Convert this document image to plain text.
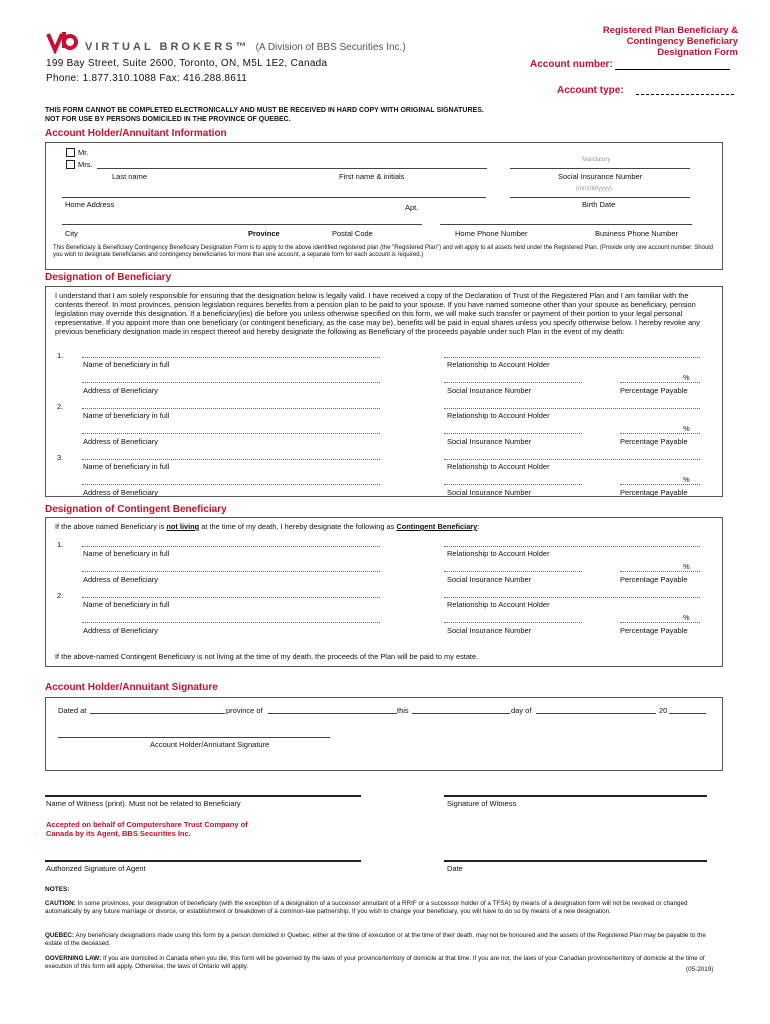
VIRTUAL BROKERS™ (A Division of BBS Securities Inc.)
199 Bay Street, Suite 2600, Toronto, ON, M5L 1E2, Canada
Phone: 1.877.310.1088 Fax: 416.288.8611
Registered Plan Beneficiary &
Contingency Beneficiary
Designation Form
Account number:
Account type:
THIS FORM CANNOT BE COMPLETED ELECTRONICALLY AND MUST BE RECEIVED IN HARD COPY WITH ORIGINAL SIGNATURES.
NOT FOR USE BY PERSONS DOMICILED IN THE PROVINCE OF QUEBEC.
Account Holder/Annuitant Information
Mr.
Mrs.	Mandatory
Last name	First name & initials	Social Insurance Number
(mm/dd/yyyy)
Home Address	Birth Date
Apt.
City	Province	Postal Code	Home Phone Number	Business Phone Number
This Beneficiary & Beneficiary Contingency Beneficiary Designation Form is to apply to the above identified registered plan (the "Registered Plan") and will apply to all assets held under the Registered Plan. (Provide only one account number. Should you wish to designate beneficiaries and contingency beneficiaries for more than one account, a separate form for each account is required.)
Designation of Beneficiary
I understand that I am solely responsible for ensuring that the designation below is legally valid. I have received a copy of the Declaration of Trust of the Registered Plan and I am familiar with the contents thereof. In most provinces, pension legislation requires benefits from a pension plan to be paid to your spouse. If you have named someone other than your spouse as beneficiary, pension legislation may override this designation. If a beneficiary(ies) die before you unless otherwise specified on this form, we will make such transfer or payment of their portion to your legal personal representative. If you appoint more than one beneficiary (or contingent beneficiary, as the case may be), benefits will be paid in equal shares unless you specify otherwise below. I hereby revoke any previous beneficiary designation made in respect thereof and hereby designate the following as Beneficiary of the proceeds payable under such Plan in the event of my death:
1.
Name of beneficiary in full	Relationship to Account Holder
Address of Beneficiary	Social Insurance Number
%
Percentage Payable
2.
Name of beneficiary in full	Relationship to Account Holder
Address of Beneficiary	Social Insurance Number
%
Percentage Payable
3.
Name of beneficiary in full	Relationship to Account Holder
Address of Beneficiary	Social Insurance Number
%
Percentage Payable
Designation of Contingent Beneficiary
If the above named Beneficiary is not living at the time of my death, I hereby designate the following as Contingent Beneficiary:
1.
Name of beneficiary in full	Relationship to Account Holder
Address of Beneficiary	Social Insurance Number
%
Percentage Payable
2.
Name of beneficiary in full	Relationship to Account Holder
Address of Beneficiary	Social Insurance Number
%
Percentage Payable
If the above-named Contingent Beneficiary is not living at the time of my death, the proceeds of the Plan will be paid to my estate.
Account Holder/Annuitant Signature
Dated at	province of	this	day of	20
Account Holder/Annuitant Signature
Name of Witness (print). Must not be related to Beneficiary	Signature of Witness
Accepted on behalf of Computershare Trust Company of
Canada by its Agent, BBS Securities Inc.
Authorized Signature of Agent	Date
NOTES:
CAUTION: In some provinces, your designation of beneficiary (with the exception of a designation of a successor annuitant of a RRIF or a successor holder of a TFSA) by means of a designation form will not be revoked or changed automatically by any future marriage or divorce, or establishment or breakdown of a common-law partnership. If you wish to change your beneficiary, you will have to do so by means of a new designation.
QUEBEC: Any beneficiary designations made using this form by a person domiciled in Quebec, either at the time of execution or at the time of their death, may not be honoured and the assets of the Registered Plan may be payable to the estate of the deceased.
GOVERNING LAW: If you are domiciled in Canada when you die, this form will be governed by the laws of your province/territory of domicile at that time. If you are not, the laws of your Canadian province/territory of domicile at the time of execution of this form will apply. Otherwise, the laws of Ontario will apply.	(05-2019)
